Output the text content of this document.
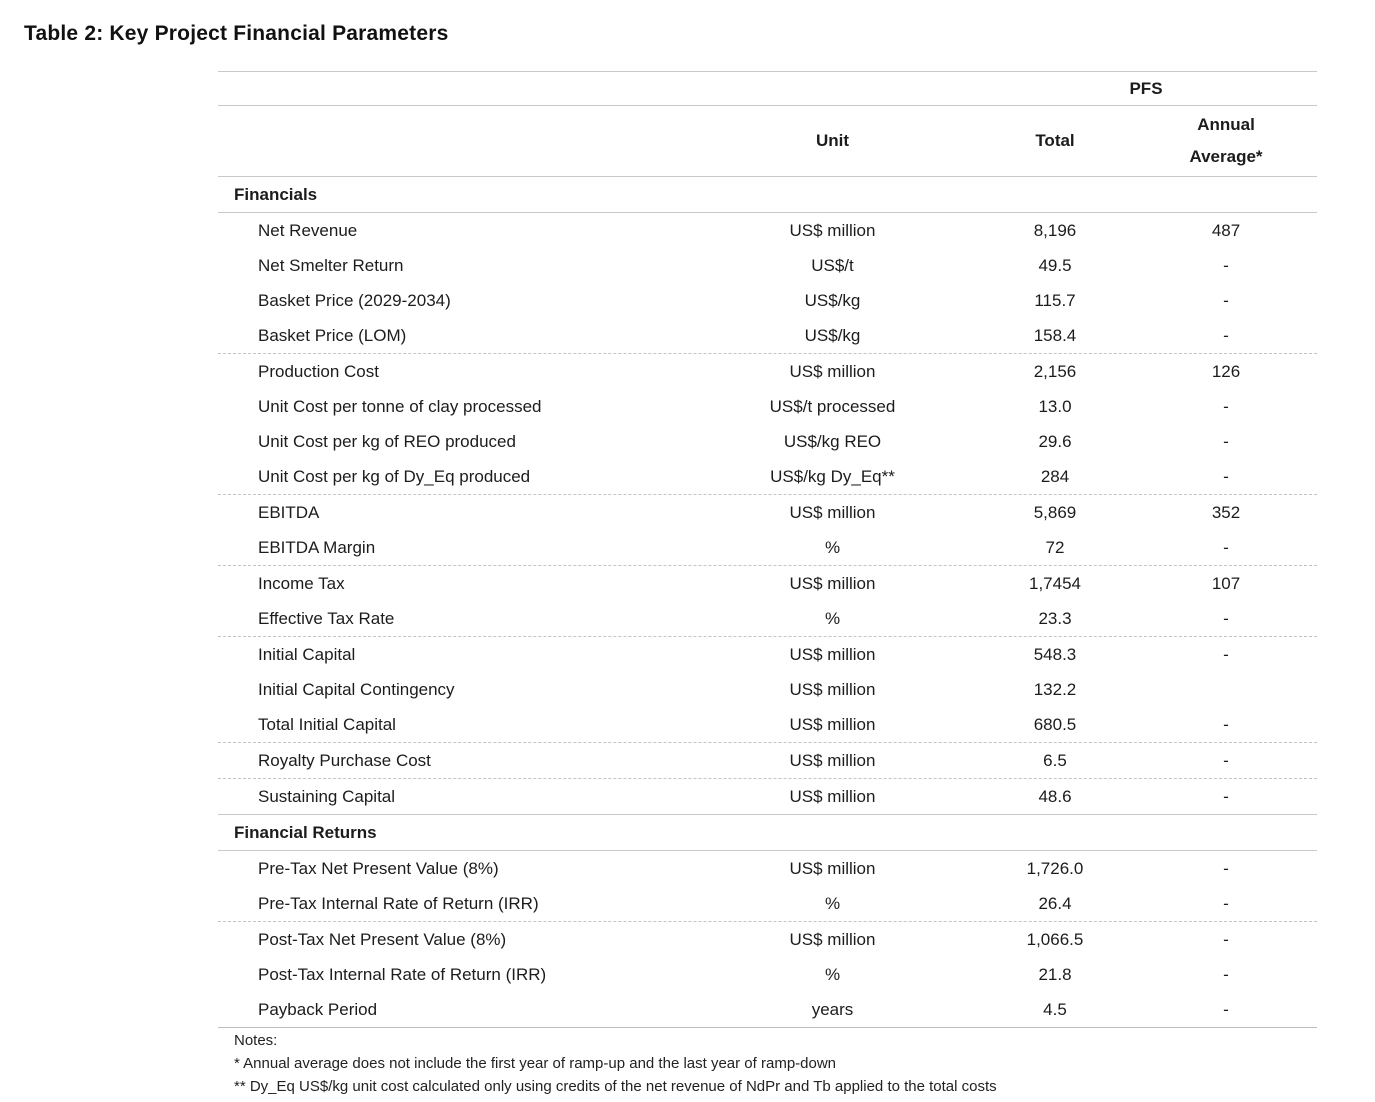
Table 2: Key Project Financial Parameters
PFS
Unit	Total
Annual
Average*
Financials
Net Revenue	US$ million	8,196	487
Net Smelter Return	US$/t	49.5	-
Basket Price (2029-2034)	US$/kg	115.7	-
Basket Price (LOM)	US$/kg	158.4	-
Production Cost	US$ million	2,156	126
Unit Cost per tonne of clay processed	US$/t processed	13.0	-
Unit Cost per kg of REO produced	US$/kg REO	29.6	-
Unit Cost per kg of Dy_Eq produced	US$/kg Dy_Eq**	284	-
EBITDA	US$ million	5,869	352
EBITDA Margin	%	72	-
Income Tax	US$ million	1,7454	107
Effective Tax Rate	%	23.3	-
Initial Capital	US$ million	548.3	-
Initial Capital Contingency	US$ million	132.2
Total Initial Capital	US$ million	680.5	-
Royalty Purchase Cost	US$ million	6.5	-
Sustaining Capital	US$ million	48.6	-
Financial Returns
Pre-Tax Net Present Value (8%)	US$ million	1,726.0	-
Pre-Tax Internal Rate of Return (IRR)	%	26.4	-
Post-Tax Net Present Value (8%)	US$ million	1,066.5	-
Post-Tax Internal Rate of Return (IRR)	%	21.8	-
Payback Period	years	4.5	-
Notes:
* Annual average does not include the first year of ramp-up and the last year of ramp-down
** Dy_Eq US$/kg unit cost calculated only using credits of the net revenue of NdPr and Tb applied to the total costs
